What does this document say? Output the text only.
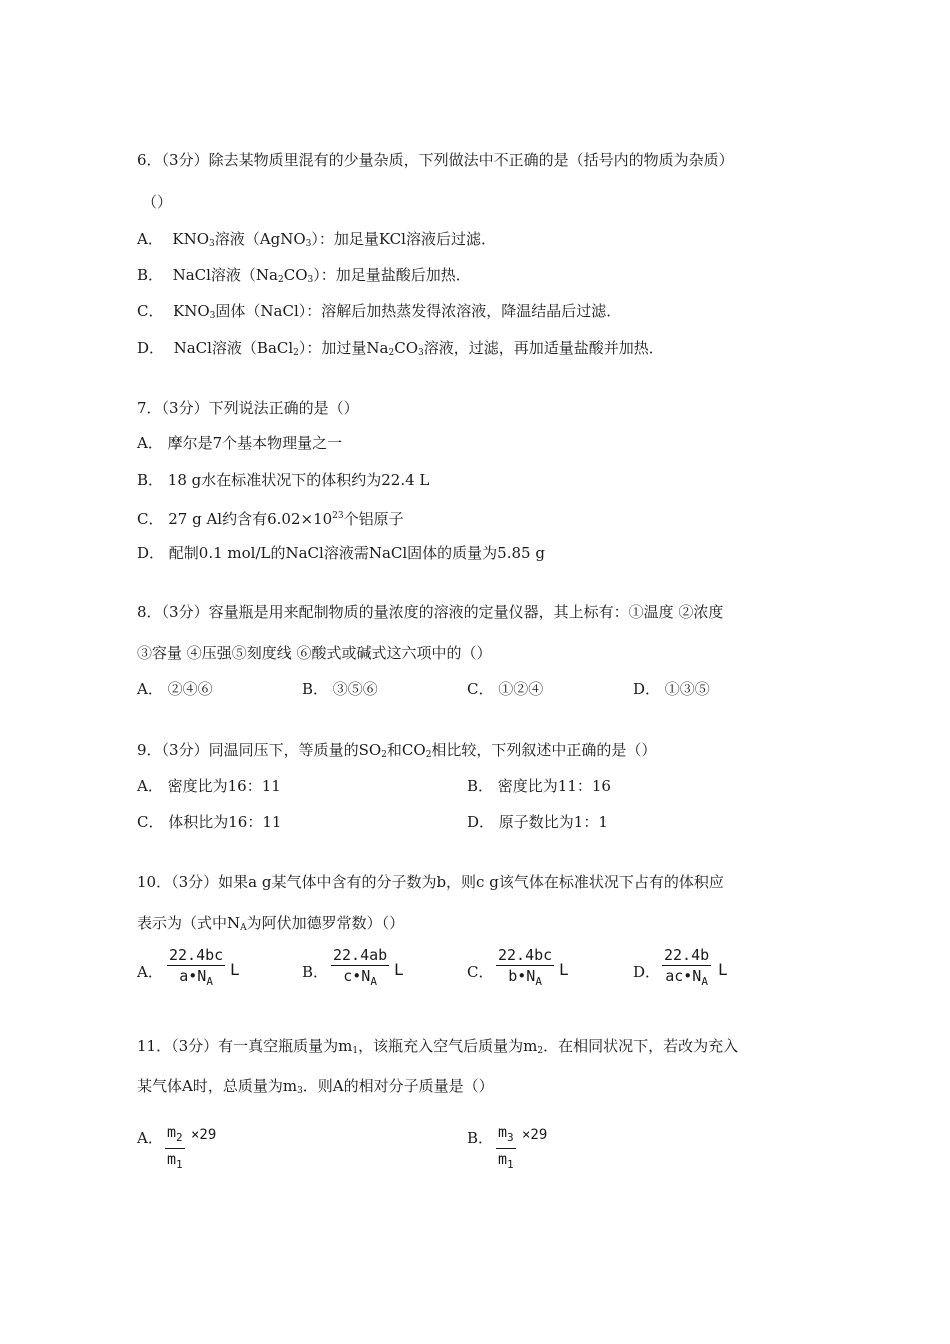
6．（3分）除去某物质里混有的少量杂质，下列做法中不正确的是（括号内的物质为杂质）
（）
A． $KNO_3$溶液（AgNO$_3$）：加足量KCl溶液后过滤．
B． NaCl溶液$(Na_2CO_3)$：加足量盐酸后加热．
C． $KNO_3$固体（NaCl）：溶解后加热蒸发得浓溶液，降温结晶后过滤．
D． NaCl溶液（BaCl$_2$）：加过量$Na_2CO_3$溶液，过滤，再加适量盐酸并加热．
7．（3分）下列说法正确的是（）
A． 摩尔是7个基本物理量之一
B． 18 g水在标准状况下的体积约为22.4 L
C． 27 g Al约含有$6.02\times 10^{23}$个铝原子
D． 配制0.1 mol/L的NaCl溶液需NaCl固体的质量为5.85 g
8．（3分）容量瓶是用来配制物质的量浓度的溶液的定量仪器，其上标有：①温度 ②浓度
③容量 ④压强⑤刻度线 ⑥酸式或碱式这六项中的（）
A． ②④⑥	B． ③⑤⑥	C． ①②④	D． ①③⑤
9．（3分）同温同压下，等质量的$SO_2$和$CO_2$相比较，下列叙述中正确的是（）
A． 密度比为16：11	B． 密度比为11：16
C． 体积比为16：11	D． 原子数比为1：1
10．（3分）如果a g某气体中含有的分子数为b，则c g该气体在标准状况下占有的体积应
表示为（式中$N_A$为阿伏加德罗常数）（）
A．
22.4bc
$a•N_A$
L	B．
22.4ab
$c•N_A$
L	C．
22.4bc
$b•N_A$
L	D．
22.4b
$ac•N_A$
L
11．（3分）有一真空瓶质量为$m_1$，该瓶充入空气后质量为$m_2$．在相同状况下，若改为充入
某气体A时，总质量为$m_3$．则A的相对分子质量是（）
A． $m_2$
$m_1$
×29	B． $m_3$
$m_1$
×29
